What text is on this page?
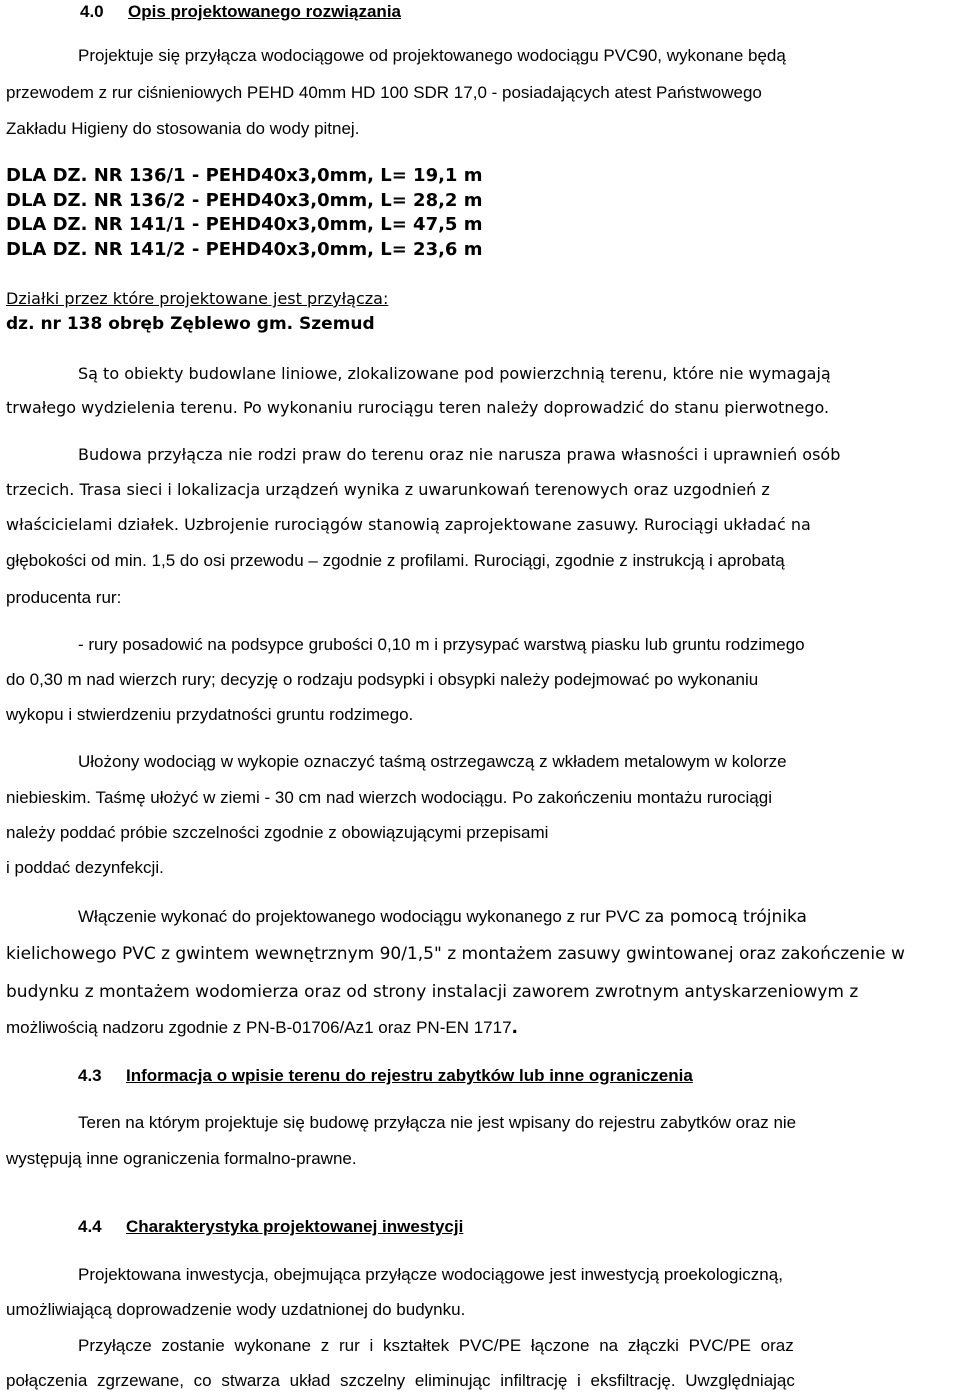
4.0 Opis projektowanego rozwiązania

Projektuje się przyłącza wodociągowe od projektowanego wodociągu PVC90, wykonane będą

przewodem z rur ciśnieniowych PEHD 40mm HD 100 SDR 17,0 - posiadających atest Państwowego

Zakładu Higieny do stosowania do wody pitnej.

DLA DZ. NR 136/1 - PEHD40x3,0mm, L= 19,1 m

DLA DZ. NR 136/2 - PEHD40x3,0mm, L= 28,2 m

DLA DZ. NR 141/1 - PEHD40x3,0mm, L= 47,5 m

DLA DZ. NR 141/2 - PEHD40x3,0mm, L= 23,6 m

Działki przez które projektowane jest przyłącza:

dz. nr 138 obręb Zęblewo gm. Szemud

Są to obiekty budowlane liniowe, zlokalizowane pod powierzchnią terenu, które nie wymagają

trwałego wydzielenia terenu. Po wykonaniu rurociągu teren należy doprowadzić do stanu pierwotnego.

Budowa przyłącza nie rodzi praw do terenu oraz nie narusza prawa własności i uprawnień osób

trzecich. Trasa sieci i lokalizacja urządzeń wynika z uwarunkowań terenowych oraz uzgodnień z

właścicielami działek. Uzbrojenie rurociągów stanowią zaprojektowane zasuwy. Rurociągi układać na

głębokości od min. 1,5 do osi przewodu – zgodnie z profilami. Rurociągi, zgodnie z instrukcją i aprobatą

producenta rur:

- rury posadowić na podsypce grubości 0,10 m i przysypać warstwą piasku lub gruntu rodzimego

do 0,30 m nad wierzch rury; decyzję o rodzaju podsypki i obsypki należy podejmować po wykonaniu

wykopu i stwierdzeniu przydatności gruntu rodzimego.

Ułożony wodociąg w wykopie oznaczyć taśmą ostrzegawczą z wkładem metalowym w kolorze

niebieskim. Taśmę ułożyć w ziemi - 30 cm nad wierzch wodociągu. Po zakończeniu montażu rurociągi

należy poddać próbie szczelności zgodnie z obowiązującymi przepisami

i poddać dezynfekcji.

Włączenie wykonać do projektowanego wodociągu wykonanego z rur PVC za pomocą trójnika

kielichowego PVC z gwintem wewnętrznym 90/1,5" z montażem zasuwy gwintowanej oraz zakończenie w

budynku z montażem wodomierza oraz od strony instalacji zaworem zwrotnym antyskarzeniowym z

możliwością nadzoru zgodnie z PN-B-01706/Az1 oraz PN-EN 1717.

4.3 Informacja o wpisie terenu do rejestru zabytków lub inne ograniczenia

Teren na którym projektuje się budowę przyłącza nie jest wpisany do rejestru zabytków oraz nie

występują inne ograniczenia formalno-prawne.

4.4 Charakterystyka projektowanej inwestycji

Projektowana inwestycja, obejmująca przyłącze wodociągowe jest inwestycją proekologiczną,

umożliwiającą doprowadzenie wody uzdatnionej do budynku.

Przyłącze zostanie wykonane z rur i kształtek PVC/PE łączone na złączki PVC/PE oraz

połączenia zgrzewane, co stwarza układ szczelny eliminując infiltrację i eksfiltrację. Uwzględniając
